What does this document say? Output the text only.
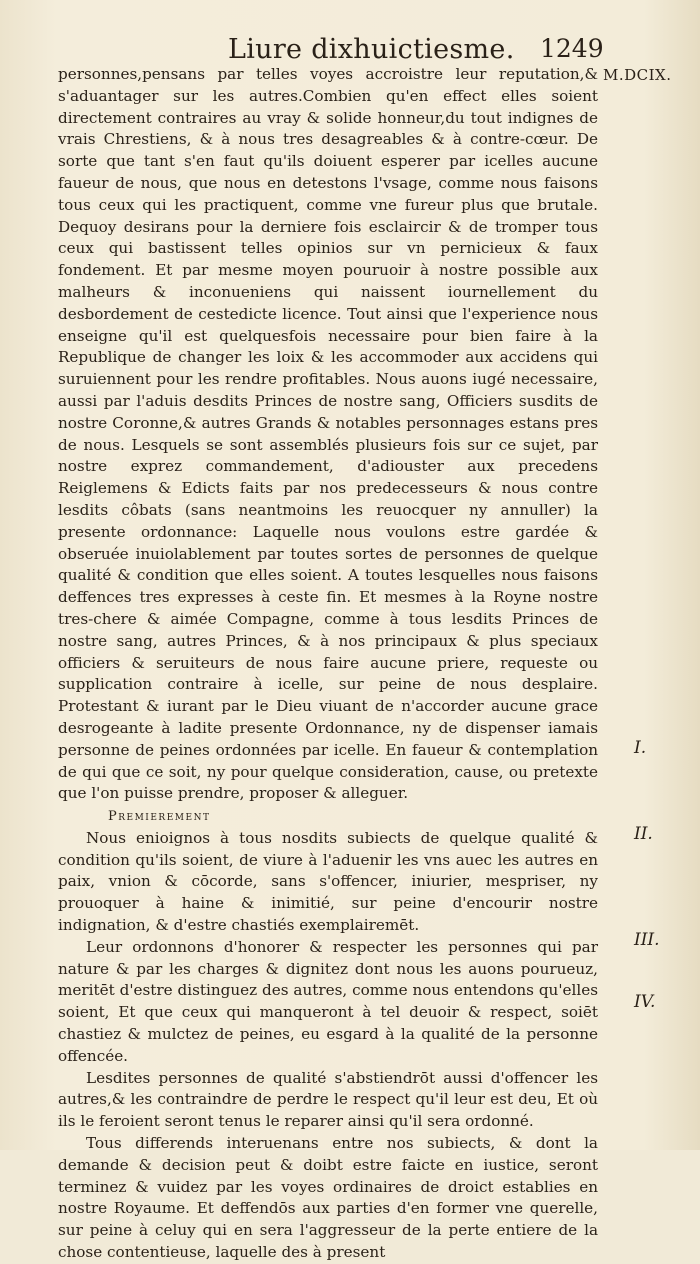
Liure dixhuictiesme. 1249
M.DCIX.

personnes,pensans par telles voyes accroistre leur reputation,& s'aduantager sur les autres.Combien qu'en effect elles soient directement contraires au vray & solide honneur,du tout indignes de vrais Chrestiens, & à nous tres desagreables & à contre-cœur. De sorte que tant s'en faut qu'ils doiuent esperer par icelles aucune faueur de nous, que nous en detestons l'vsage, comme nous faisons tous ceux qui les practiquent, comme vne fureur plus que brutale. Dequoy desirans pour la derniere fois esclaircir & de tromper tous ceux qui bastissent telles opinios sur vn pernicieux & faux fondement. Et par mesme moyen pouruoir à nostre possible aux malheurs & inconueniens qui naissent iournellement du desbordement de cestedicte licence. Tout ainsi que l'experience nous enseigne qu'il est quelquesfois necessaire pour bien faire à la Republique de changer les loix & les accommoder aux accidens qui suruiennent pour les rendre profitables. Nous auons iugé necessaire, aussi par l'aduis desdits Princes de nostre sang, Officiers susdits de nostre Coronne,& autres Grands & notables personnages estans pres de nous. Lesquels se sont assemblés plusieurs fois sur ce sujet, par nostre exprez commandement, d'adiouster aux precedens Reiglemens & Edicts faits par nos predecesseurs & nous contre lesdits côbats (sans neantmoins les reuocquer ny annuller) la presente ordonnance: Laquelle nous voulons estre gardée & obseruée inuiolablement par toutes sortes de personnes de quelque qualité & condition que elles soient. A toutes lesquelles nous faisons deffences tres expresses à ceste fin. Et mesmes à la Royne nostre tres-chere & aimée Compagne, comme à tous lesdits Princes de nostre sang, autres Princes, & à nos principaux & plus speciaux officiers & seruiteurs de nous faire aucune priere, requeste ou supplication contraire à icelle, sur peine de nous desplaire. Protestant & iurant par le Dieu viuant de n'accorder aucune grace desrogeante à ladite presente Ordonnance, ny de dispenser iamais personne de peines ordonnées par icelle. En faueur & contemplation de qui que ce soit, ny pour quelque consideration, cause, ou pretexte que l'on puisse prendre, proposer & alleguer.

Premierement

Nous enioignos à tous nosdits subiects de quelque qualité & condition qu'ils soient, de viure à l'aduenir les vns auec les autres en paix, vnion & cōcorde, sans s'offencer, iniurier, mespriser, ny prouoquer à haine & inimitié, sur peine d'encourir nostre indignation, & d'estre chastiés exemplairemēt.

Leur ordonnons d'honorer & respecter les personnes qui par nature & par les charges & dignitez dont nous les auons pourueuz, meritēt d'estre distinguez des autres, comme nous entendons qu'elles soient, Et que ceux qui manqueront à tel deuoir & respect, soiēt chastiez & mulctez de peines, eu esgard à la qualité de la personne offencée.

Lesdites personnes de qualité s'abstiendrōt aussi d'offencer les autres,& les contraindre de perdre le respect qu'il leur est deu, Et où ils le feroient seront tenus le reparer ainsi qu'il sera ordonné.

Tous differends interuenans entre nos subiects, & dont la demande & decision peut & doibt estre faicte en iustice, seront terminez & vuidez par les voyes ordinaires de droict establies en nostre Royaume. Et deffendōs aux parties d'en former vne querelle, sur peine à celuy qui en sera l'aggresseur de la perte entiere de la chose contentieuse, laquelle des à present

I.
II.
III.
IV.
